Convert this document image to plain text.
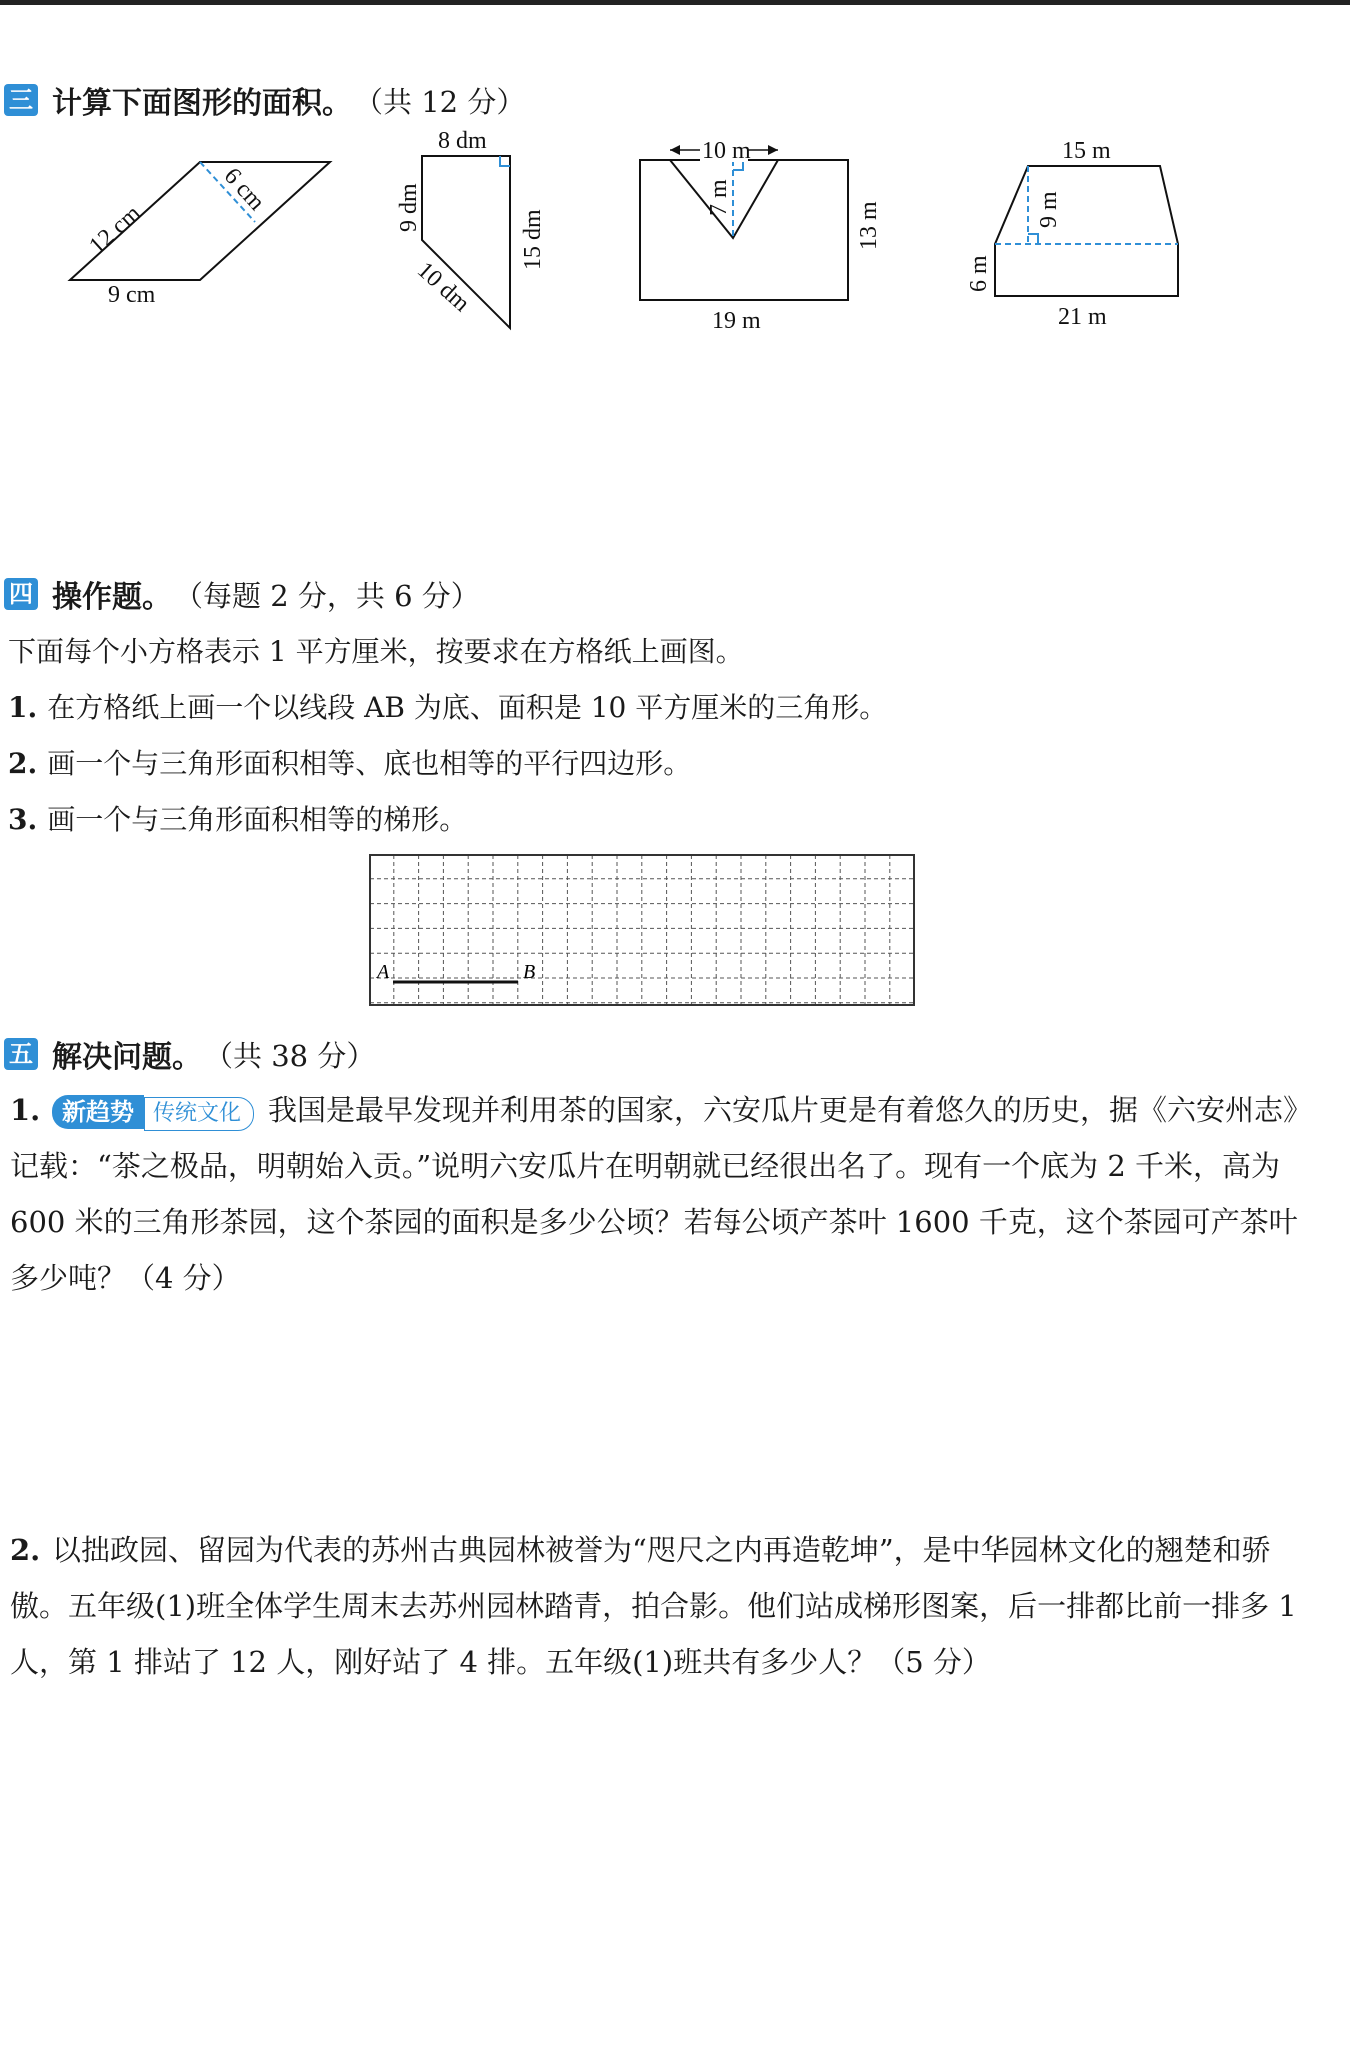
三 计算下面图形的面积。 （共 12 分）
12 cm
6 cm
9 cm
8 dm
9 dm
15 dm
10 dm
10 m
7 m
13 m
19 m
15 m
9 m
6 m
21 m
四 操作题。 （每题 2 分，共 6 分）
下面每个小方格表示 1 平方厘米，按要求在方格纸上画图。
1. 在方格纸上画一个以线段 AB 为底、面积是 10 平方厘米的三角形。
2. 画一个与三角形面积相等、底也相等的平行四边形。
3. 画一个与三角形面积相等的梯形。
A	B
五 解决问题。 （共 38 分）
1. 新趋势 传统文化 我国是最早发现并利用茶的国家，六安瓜片更是有着悠久的历史，据《六安州志》记载：“茶之极品，明朝始入贡。”说明六安瓜片在明朝就已经很出名了。现有一个底为 2 千米，高为 600 米的三角形茶园，这个茶园的面积是多少公顷？若每公顷产茶叶 1600 千克，这个茶园可产茶叶多少吨？（4 分）
2. 以拙政园、留园为代表的苏州古典园林被誉为“咫尺之内再造乾坤”，是中华园林文化的翘楚和骄傲。五年级(1)班全体学生周末去苏州园林踏青，拍合影。他们站成梯形图案，后一排都比前一排多 1 人，第 1 排站了 12 人，刚好站了 4 排。五年级(1)班共有多少人？（5 分）
